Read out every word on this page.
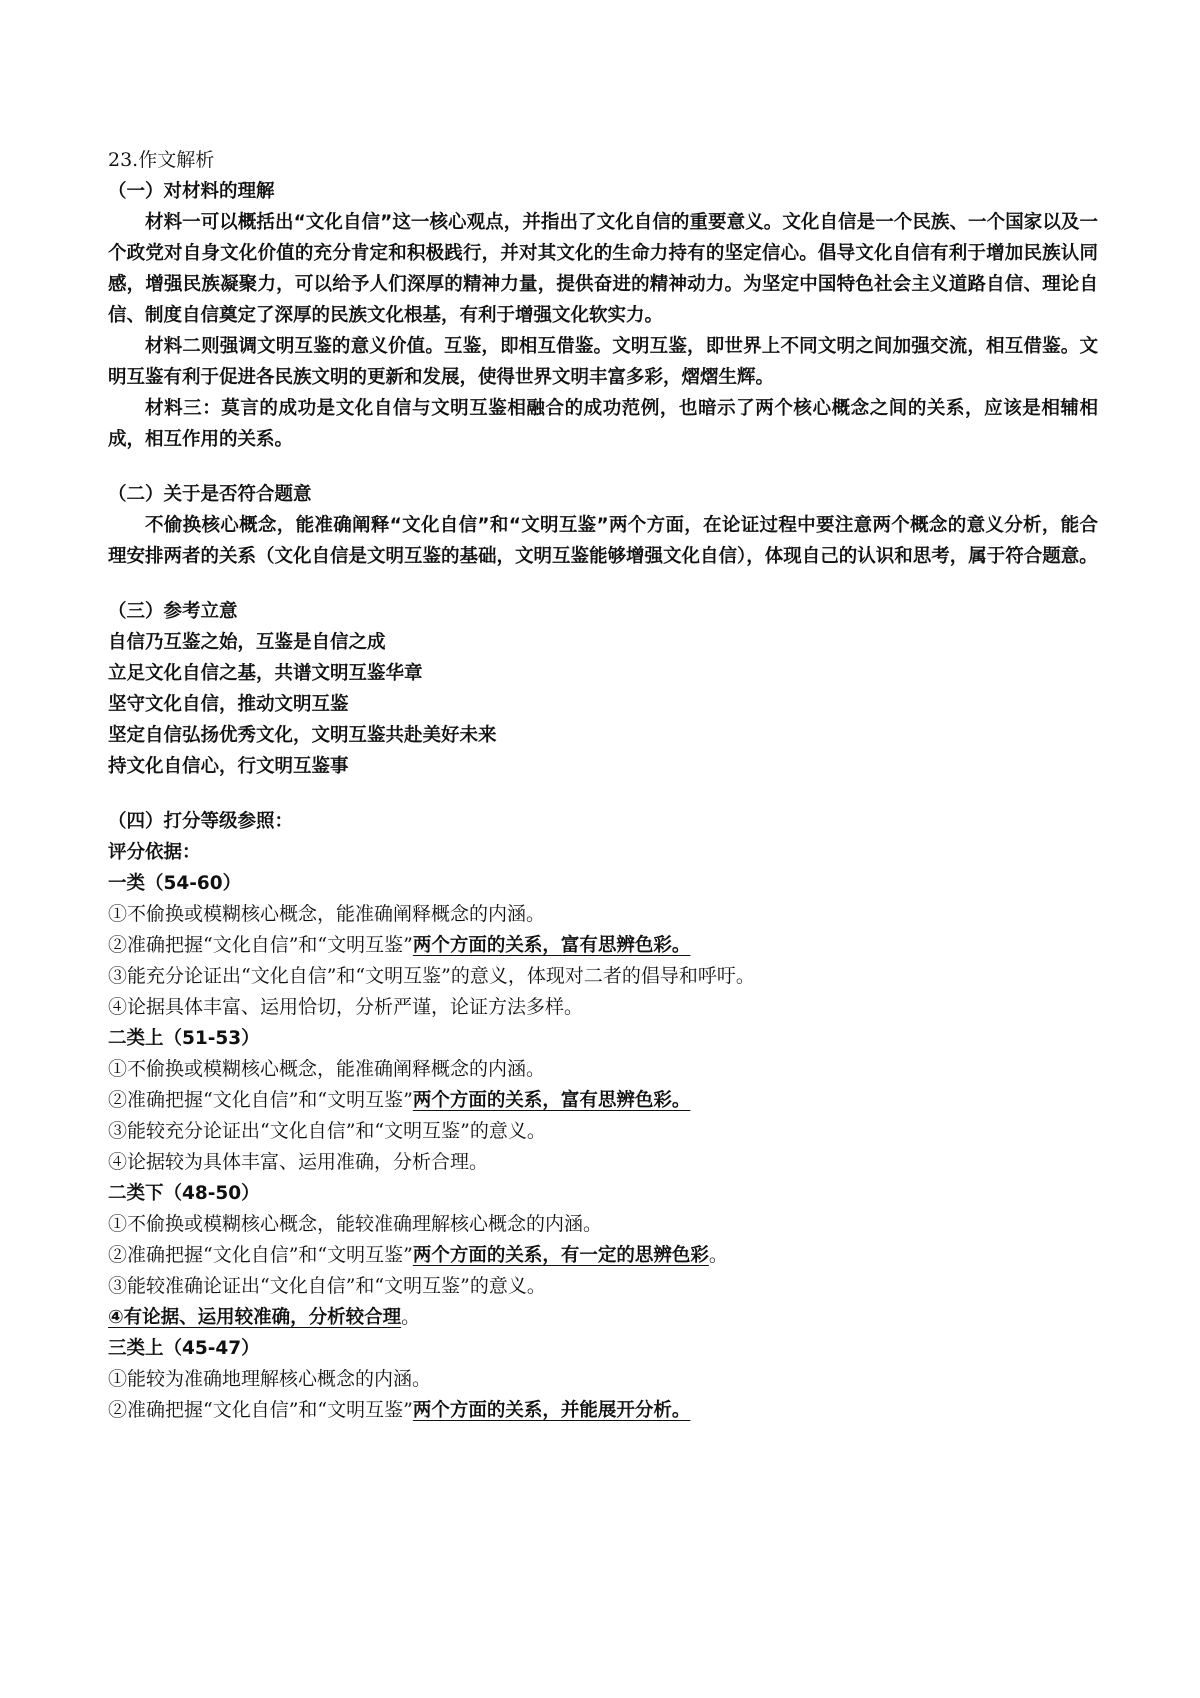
23.作文解析

（一）对材料的理解

材料一可以概括出“文化自信”这一核心观点，并指出了文化自信的重要意义。文化自信是一个民族、一个国家以及一个政党对自身文化价值的充分肯定和积极践行，并对其文化的生命力持有的坚定信心。倡导文化自信有利于增加民族认同感，增强民族凝聚力，可以给予人们深厚的精神力量，提供奋进的精神动力。为坚定中国特色社会主义道路自信、理论自信、制度自信奠定了深厚的民族文化根基，有利于增强文化软实力。

材料二则强调文明互鉴的意义价值。互鉴，即相互借鉴。文明互鉴，即世界上不同文明之间加强交流，相互借鉴。文明互鉴有利于促进各民族文明的更新和发展，使得世界文明丰富多彩，熠熠生辉。

材料三：莫言的成功是文化自信与文明互鉴相融合的成功范例，也暗示了两个核心概念之间的关系，应该是相辅相成，相互作用的关系。

（二）关于是否符合题意

不偷换核心概念，能准确阐释“文化自信”和“文明互鉴”两个方面，在论证过程中要注意两个概念的意义分析，能合理安排两者的关系（文化自信是文明互鉴的基础，文明互鉴能够增强文化自信），体现自己的认识和思考，属于符合题意。

（三）参考立意

自信乃互鉴之始，互鉴是自信之成

立足文化自信之基，共谱文明互鉴华章

坚守文化自信，推动文明互鉴

坚定自信弘扬优秀文化，文明互鉴共赴美好未来

持文化自信心，行文明互鉴事

（四）打分等级参照：

评分依据：

一类（54-60）

①不偷换或模糊核心概念，能准确阐释概念的内涵。

②准确把握“文化自信”和“文明互鉴”两个方面的关系，富有思辨色彩。

③能充分论证出“文化自信”和“文明互鉴”的意义，体现对二者的倡导和呼吁。

④论据具体丰富、运用恰切，分析严谨，论证方法多样。

二类上（51-53）

①不偷换或模糊核心概念，能准确阐释概念的内涵。

②准确把握“文化自信”和“文明互鉴”两个方面的关系，富有思辨色彩。

③能较充分论证出“文化自信”和“文明互鉴”的意义。

④论据较为具体丰富、运用准确，分析合理。

二类下（48-50）

①不偷换或模糊核心概念，能较准确理解核心概念的内涵。

②准确把握“文化自信”和“文明互鉴”两个方面的关系，有一定的思辨色彩。

③能较准确论证出“文化自信”和“文明互鉴”的意义。

④有论据、运用较准确，分析较合理。

三类上（45-47）

①能较为准确地理解核心概念的内涵。

②准确把握“文化自信”和“文明互鉴”两个方面的关系，并能展开分析。
